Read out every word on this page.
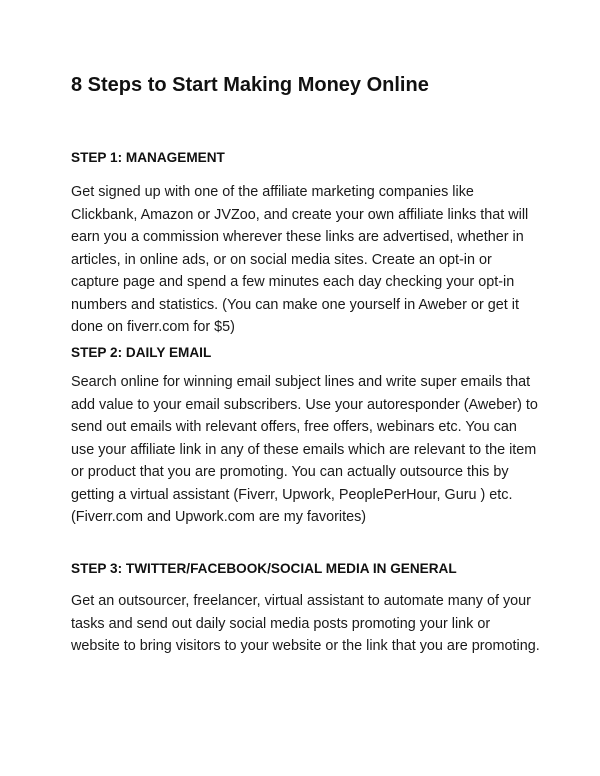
8 Steps to Start Making Money Online
STEP 1: MANAGEMENT

Get signed up with one of the affiliate marketing companies like Clickbank, Amazon or JVZoo, and create your own affiliate links that will earn you a commission wherever these links are advertised, whether in articles, in online ads, or on social media sites. Create an opt-in or capture page and spend a few minutes each day checking your opt-in numbers and statistics. (You can make one yourself in Aweber or get it done on fiverr.com for $5)

STEP 2: DAILY EMAIL

Search online for winning email subject lines and write super emails that add value to your email subscribers. Use your autoresponder (Aweber) to send out emails with relevant offers, free offers, webinars etc. You can use your affiliate link in any of these emails which are relevant to the item or product that you are promoting. You can actually outsource this by getting a virtual assistant (Fiverr, Upwork, PeoplePerHour, Guru ) etc. (Fiverr.com and Upwork.com are my favorites)

STEP 3: TWITTER/FACEBOOK/SOCIAL MEDIA IN GENERAL

Get an outsourcer, freelancer, virtual assistant to automate many of your tasks and send out daily social media posts promoting your link or website to bring visitors to your website or the link that you are promoting.
